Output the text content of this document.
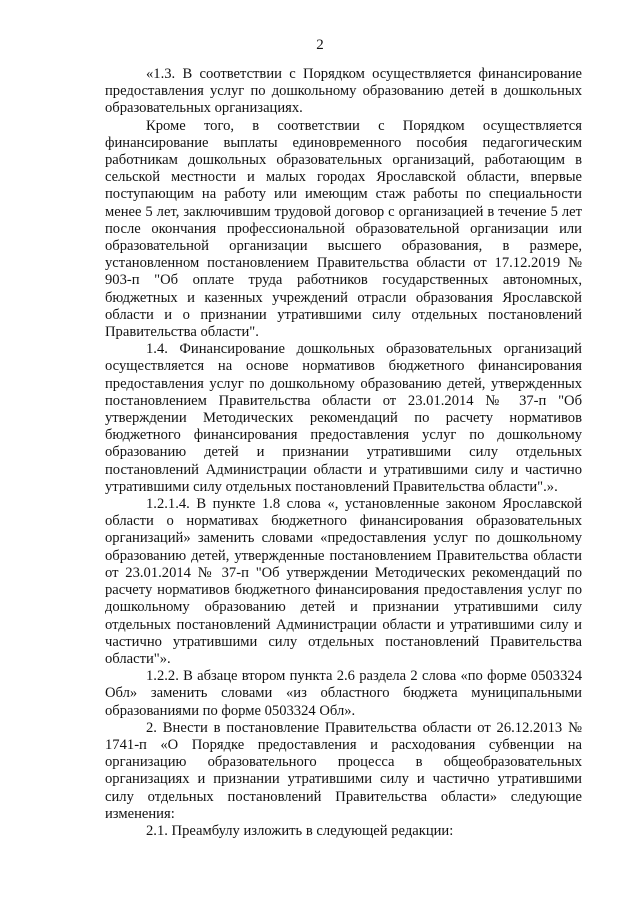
2

«1.3. В соответствии с Порядком осуществляется финансирование предоставления услуг по дошкольному образованию детей в дошкольных образовательных организациях.

Кроме того, в соответствии с Порядком осуществляется финансирование выплаты единовременного пособия педагогическим работникам дошкольных образовательных организаций, работающим в сельской местности и малых городах Ярославской области, впервые поступающим на работу или имеющим стаж работы по специальности менее 5 лет, заключившим трудовой договор с организацией в течение 5 лет после окончания профессиональной образовательной организации или образовательной организации высшего образования, в размере, установленном постановлением Правительства области от 17.12.2019 № 903-п "Об оплате труда работников государственных автономных, бюджетных и казенных учреждений отрасли образования Ярославской области и о признании утратившими силу отдельных постановлений Правительства области".

1.4. Финансирование дошкольных образовательных организаций осуществляется на основе нормативов бюджетного финансирования предоставления услуг по дошкольному образованию детей, утвержденных постановлением Правительства области от 23.01.2014 № 37-п "Об утверждении Методических рекомендаций по расчету нормативов бюджетного финансирования предоставления услуг по дошкольному образованию детей и признании утратившими силу отдельных постановлений Администрации области и утратившими силу и частично утратившими силу отдельных постановлений Правительства области".».

1.2.1.4. В пункте 1.8 слова «, установленные законом Ярославской области о нормативах бюджетного финансирования образовательных организаций» заменить словами «предоставления услуг по дошкольному образованию детей, утвержденные постановлением Правительства области от 23.01.2014 № 37-п "Об утверждении Методических рекомендаций по расчету нормативов бюджетного финансирования предоставления услуг по дошкольному образованию детей и признании утратившими силу отдельных постановлений Администрации области и утратившими силу и частично утратившими силу отдельных постановлений Правительства области"».

1.2.2. В абзаце втором пункта 2.6 раздела 2 слова «по форме 0503324 Обл» заменить словами «из областного бюджета муниципальными образованиями по форме 0503324 Обл».

2. Внести в постановление Правительства области от 26.12.2013 № 1741-п «О Порядке предоставления и расходования субвенции на организацию образовательного процесса в общеобразовательных организациях и признании утратившими силу и частично утратившими силу отдельных постановлений Правительства области» следующие изменения:

2.1. Преамбулу изложить в следующей редакции:
